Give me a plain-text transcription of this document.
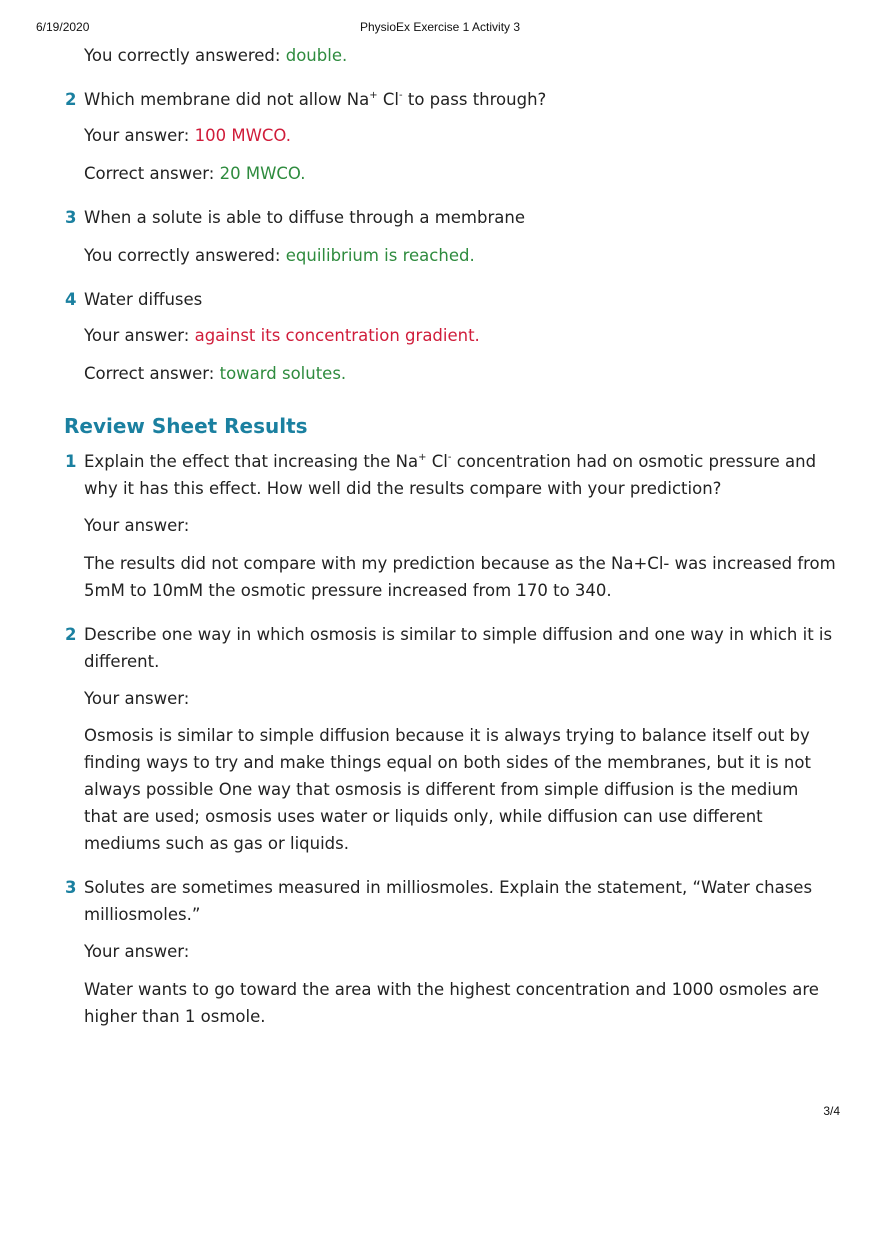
6/19/2020	PhysioEx Exercise 1 Activity 3
3/4
You correctly answered: double.
2 Which membrane did not allow Na+ Cl- to pass through?
Your answer: 100 MWCO.
Correct answer: 20 MWCO.
3 When a solute is able to diffuse through a membrane
You correctly answered: equilibrium is reached.
4 Water diffuses
Your answer: against its concentration gradient.
Correct answer: toward solutes.
Review Sheet Results
1 Explain the effect that increasing the Na+ Cl- concentration had on osmotic pressure and why it has this effect. How well did the results compare with your prediction?
Your answer:
The results did not compare with my prediction because as the Na+Cl- was increased from 5mM to 10mM the osmotic pressure increased from 170 to 340.
2 Describe one way in which osmosis is similar to simple diffusion and one way in which it is different.
Your answer:
Osmosis is similar to simple diffusion because it is always trying to balance itself out by finding ways to try and make things equal on both sides of the membranes, but it is not always possible One way that osmosis is different from simple diffusion is the medium that are used; osmosis uses water or liquids only, while diffusion can use different mediums such as gas or liquids.
3 Solutes are sometimes measured in milliosmoles. Explain the statement, “Water chases milliosmoles.”
Your answer:
Water wants to go toward the area with the highest concentration and 1000 osmoles are higher than 1 osmole.
